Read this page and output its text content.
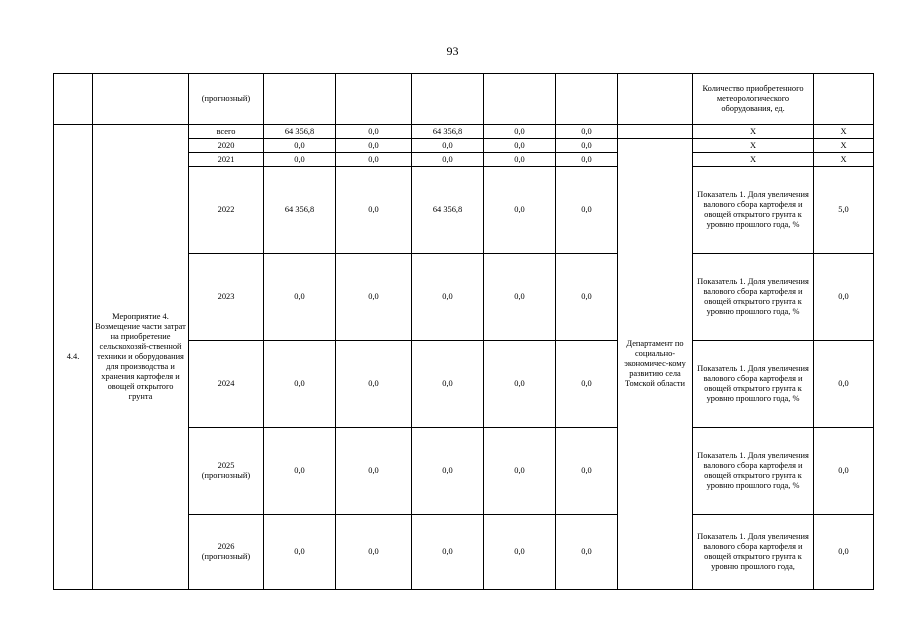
93
		(прогнозный)							Количество приобретенного метеорологического оборудования, ед.	
4.4.	Мероприятие 4. Возмещение части затрат на приобретение сельскохозяй-ственной техники и оборудования для производства и хранения картофеля и овощей открытого грунта	всего	64 356,8	0,0	64 356,8	0,0	0,0		Х	Х

		2020	0,0	0,0	0,0	0,0	0,0	Департамент по социально-экономичес-кому развитию села Томской области	Х	Х

		2021	0,0	0,0	0,0	0,0	0,0		Х	Х

		2022	64 356,8	0,0	64 356,8	0,0	0,0		Показатель 1. Доля увеличения валового сбора картофеля и овощей открытого грунта к уровню прошлого года, %	5,0

		2023	0,0	0,0	0,0	0,0	0,0		Показатель 1. Доля увеличения валового сбора картофеля и овощей открытого грунта к уровню прошлого года, %	0,0

		2024	0,0	0,0	0,0	0,0	0,0		Показатель 1. Доля увеличения валового сбора картофеля и овощей открытого грунта к уровню прошлого года, %	0,0

		2025
(прогнозный)	0,0	0,0	0,0	0,0	0,0		Показатель 1. Доля увеличения валового сбора картофеля и овощей открытого грунта к уровню прошлого года, %	0,0

		2026
(прогнозный)	0,0	0,0	0,0	0,0	0,0		Показатель 1. Доля увеличения валового сбора картофеля и овощей открытого грунта к уровню прошлого года,	0,0
